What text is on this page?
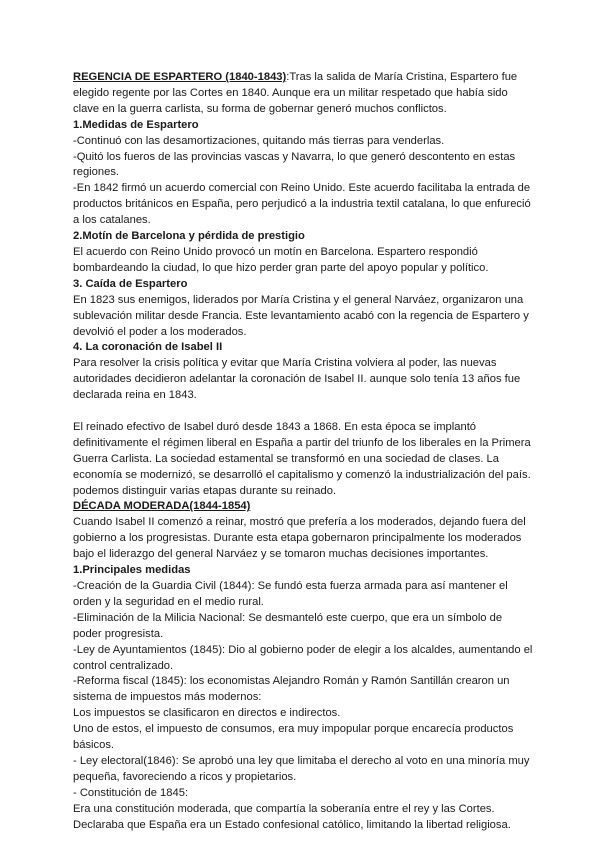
REGENCIA DE ESPARTERO (1840-1843):Tras la salida de María Cristina, Espartero fue elegido regente por las Cortes en 1840. Aunque era un militar respetado que había sido clave en la guerra carlista, su forma de gobernar generó muchos conflictos.

1.Medidas de Espartero

-Continuó con las desamortizaciones, quitando más tierras para venderlas.

-Quitó los fueros de las provincias vascas y Navarra, lo que generó descontento en estas regiones.

-En 1842 firmó un acuerdo comercial con Reino Unido. Este acuerdo facilitaba la entrada de productos británicos en España, pero perjudicó a la industria textil catalana, lo que enfureció a los catalanes.

2.Motín de Barcelona y pérdida de prestigio

El acuerdo con Reino Unido provocó un motín en Barcelona. Espartero respondió bombardeando la ciudad, lo que hizo perder gran parte del apoyo popular y político.

3. Caída de Espartero

En 1823 sus enemigos, liderados por María Cristina y el general Narváez, organizaron una sublevación militar desde Francia. Este levantamiento acabó con la regencia de Espartero y devolvió el poder a los moderados.

4. La coronación de Isabel II

Para resolver la crisis política y evitar que María Cristina volviera al poder, las nuevas autoridades decidieron adelantar la coronación de Isabel II. aunque solo tenía 13 años fue declarada reina en 1843.

El reinado efectivo de Isabel duró desde 1843 a 1868. En esta época se implantó definitivamente el régimen liberal en España a partir del triunfo de los liberales en la Primera Guerra Carlista. La sociedad estamental se transformó en una sociedad de clases. La economía se modernizó, se desarrolló el capitalismo y comenzó la industrialización del país. podemos distinguir varias etapas durante su reinado.

DÉCADA MODERADA(1844-1854)

Cuando Isabel II comenzó a reinar, mostró que prefería a los moderados, dejando fuera del gobierno a los progresistas. Durante esta etapa gobernaron principalmente los moderados bajo el liderazgo del general Narváez y se tomaron muchas decisiones importantes.

1.Principales medidas

-Creación de la Guardia Civil (1844): Se fundó esta fuerza armada para así mantener el orden y la seguridad en el medio rural.

-Eliminación de la Milicia Nacional: Se desmanteló este cuerpo, que era un símbolo de poder progresista.

-Ley de Ayuntamientos (1845): Dio al gobierno poder de elegir a los alcaldes, aumentando el control centralizado.

-Reforma fiscal (1845): los economistas Alejandro Román y Ramón Santillán crearon un sistema de impuestos más modernos:

Los impuestos se clasificaron en directos e indirectos.

Uno de estos, el impuesto de consumos, era muy impopular porque encarecía productos básicos.

- Ley electoral(1846): Se aprobó una ley que limitaba el derecho al voto en una minoría muy pequeña, favoreciendo a ricos y propietarios.

- Constitución de 1845:

Era una constitución moderada, que compartía la soberanía entre el rey y las Cortes. Declaraba que España era un Estado confesional católico, limitando la libertad religiosa.
